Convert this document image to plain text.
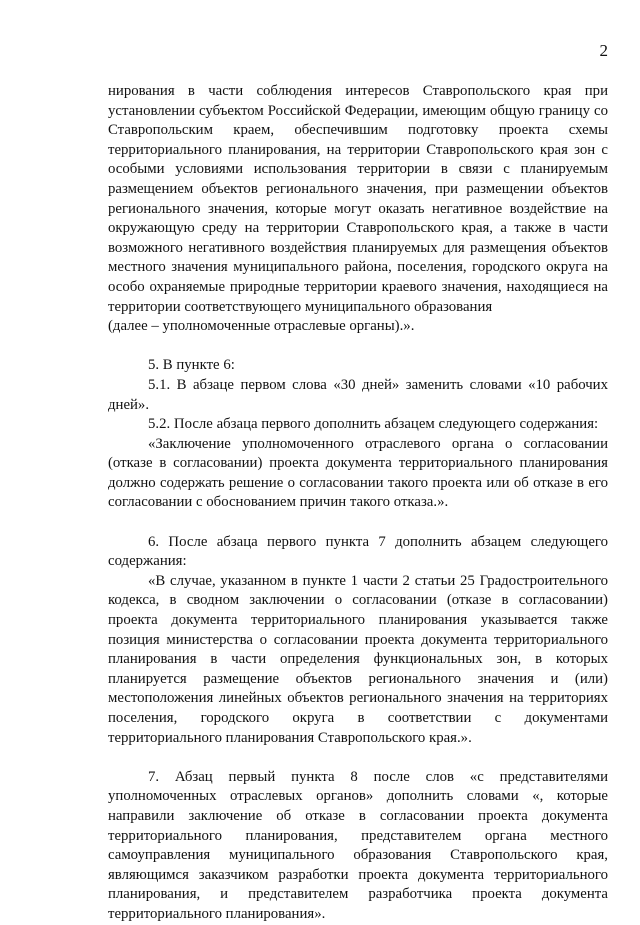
2

нирования в части соблюдения интересов Ставропольского края при установлении субъектом Российской Федерации, имеющим общую границу со Ставропольским краем, обеспечившим подготовку проекта схемы территориального планирования, на территории Ставропольского края зон с особыми условиями использования территории в связи с планируемым размещением объектов регионального значения, при размещении объектов регионального значения, которые могут оказать негативное воздействие на окружающую среду на территории Ставропольского края, а также в части возможного негативного воздействия планируемых для размещения объектов местного значения муниципального района, поселения, городского округа на особо охраняемые природные территории краевого значения, находящиеся на территории соответствующего муниципального образования

(далее – уполномоченные отраслевые органы).».

5. В пункте 6:

5.1. В абзаце первом слова «30 дней» заменить словами «10 рабочих дней».

5.2. После абзаца первого дополнить абзацем следующего содержания:

«Заключение уполномоченного отраслевого органа о согласовании (отказе в согласовании) проекта документа территориального планирования должно содержать решение о согласовании такого проекта или об отказе в его согласовании с обоснованием причин такого отказа.».

6. После абзаца первого пункта 7 дополнить абзацем следующего содержания:

«В случае, указанном в пункте 1 части 2 статьи 25 Градостроительного кодекса, в сводном заключении о согласовании (отказе в согласовании) проекта документа территориального планирования указывается также позиция министерства о согласовании проекта документа территориального планирования в части определения функциональных зон, в которых планируется размещение объектов регионального значения и (или) местоположения линейных объектов регионального значения на территориях поселения, городского округа в соответствии с документами территориального планирования Ставропольского края.».

7. Абзац первый пункта 8 после слов «с представителями уполномоченных отраслевых органов» дополнить словами «, которые направили заключение об отказе в согласовании проекта документа территориального планирования, представителем органа местного самоуправления муниципального образования Ставропольского края, являющимся заказчиком разработки проекта документа территориального планирования, и представителем разработчика проекта документа территориального планирования».
